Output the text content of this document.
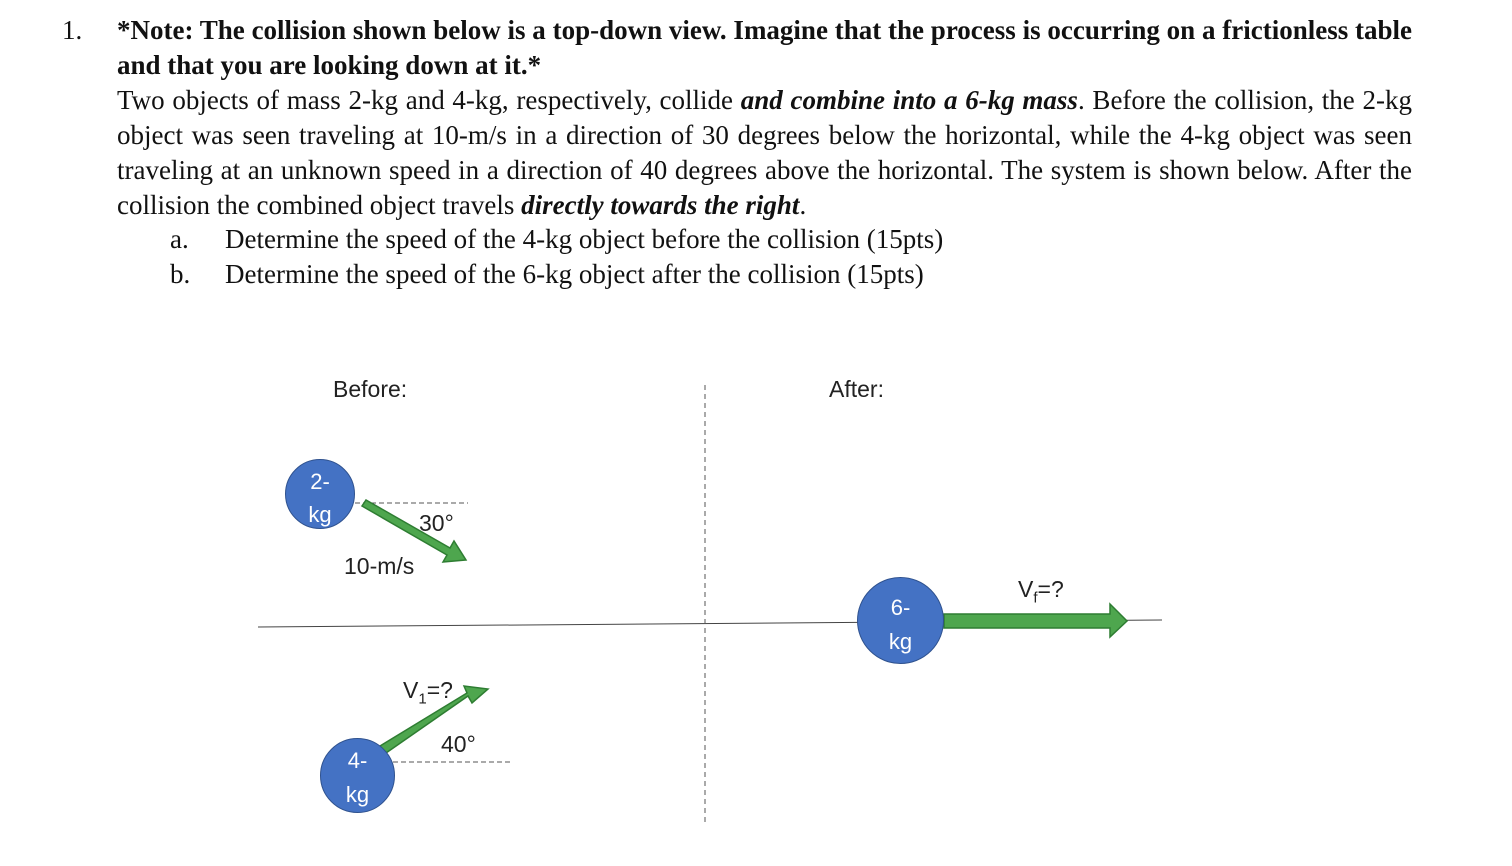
1. *Note: The collision shown below is a top-down view. Imagine that the process is occurring on a frictionless table and that you are looking down at it.*
Two objects of mass 2-kg and 4-kg, respectively, collide and combine into a 6-kg mass. Before the collision, the 2-kg object was seen traveling at 10-m/s in a direction of 30 degrees below the horizontal, while the 4-kg object was seen traveling at an unknown speed in a direction of 40 degrees above the horizontal. The system is shown below. After the collision the combined object travels directly towards the right.
a. Determine the speed of the 4-kg object before the collision (15pts)
b. Determine the speed of the 6-kg object after the collision (15pts)
Before:	After:
2-
kg	30°
10-m/s
$V_1=$?
40°
4-
kg
6-
kg
$V_f=$?
